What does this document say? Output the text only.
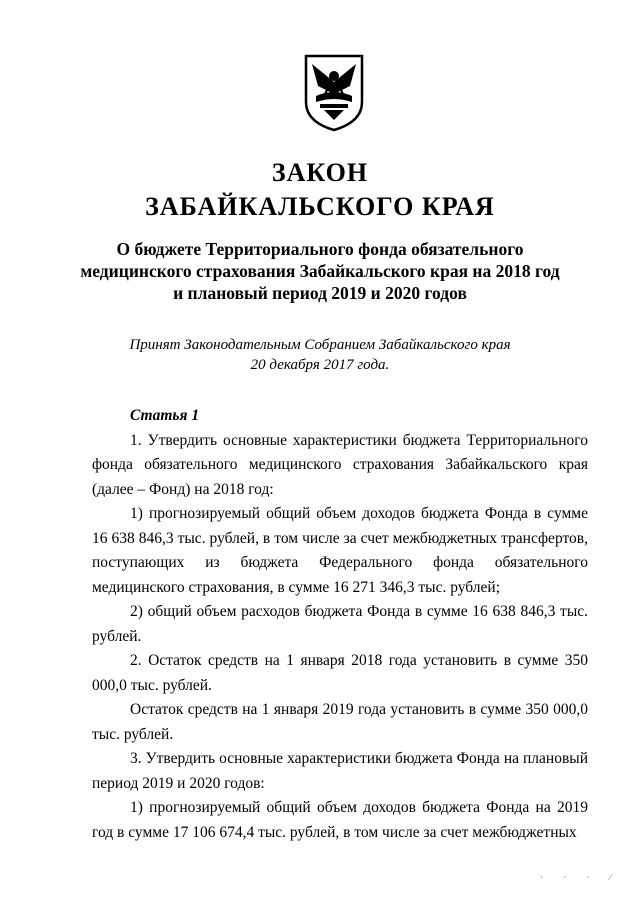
ЗАКОН
ЗАБАЙКАЛЬСКОГО КРАЯ
О бюджете Территориального фонда обязательного
медицинского страхования Забайкальского края на 2018 год
и плановый период 2019 и 2020 годов
Принят Законодательным Собранием Забайкальского края
20 декабря 2017 года.

Статья 1

1. Утвердить основные характеристики бюджета Территориального фонда обязательного медицинского страхования Забайкальского края (далее – Фонд) на 2018 год:

1) прогнозируемый общий объем доходов бюджета Фонда в сумме 16 638 846,3 тыс. рублей, в том числе за счет межбюджетных трансфертов, поступающих из бюджета Федерального фонда обязательного медицинского страхования, в сумме 16 271 346,3 тыс. рублей;

2) общий объем расходов бюджета Фонда в сумме 16 638 846,3 тыс. рублей.

2. Остаток средств на 1 января 2018 года установить в сумме 350 000,0 тыс. рублей.

Остаток средств на 1 января 2019 года установить в сумме 350 000,0 тыс. рублей.

3. Утвердить основные характеристики бюджета Фонда на плановый период 2019 и 2020 годов:

1) прогнозируемый общий объем доходов бюджета Фонда на 2019 год в сумме 17 106 674,4 тыс. рублей, в том числе за счет межбюджетных

· · · ⁄
